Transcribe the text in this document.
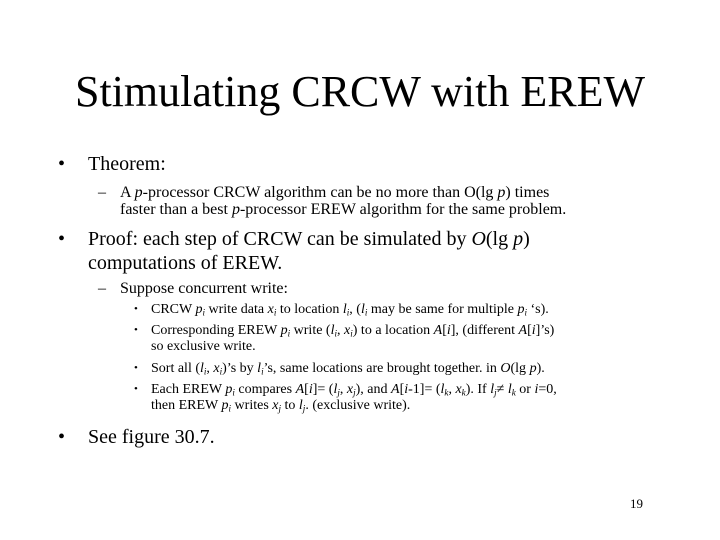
Stimulating CRCW with EREW
• Theorem:
– A p-processor CRCW algorithm can be no more than O(lg p) times
faster than a best p-processor EREW algorithm for the same problem.
• Proof: each step of CRCW can be simulated by O(lg p)
computations of EREW.
– Suppose concurrent write:
• CRCW $p_i$ write data $x_i$ to location $l_i$, ($l_i$ may be same for multiple $p_i$ ‘s).
• Corresponding EREW $p_i$ write ($l_i$, $x_i$) to a location A[i], (different A[i]’s)
so exclusive write.
• Sort all ($l_i$, $x_i)’s$ by $l_i’s$, same locations are brought together. in O(lg p).
• Each EREW $p_i$ compares $A[i]= (l_j$, $x_j$), and $A[i-1]= (l_k$, $x_k$). If $l_j\ne l_k$ or i=0,
then EREW $p_i$ writes $x_j$ to $l_j$. (exclusive write).
• See figure 30.7.
19
